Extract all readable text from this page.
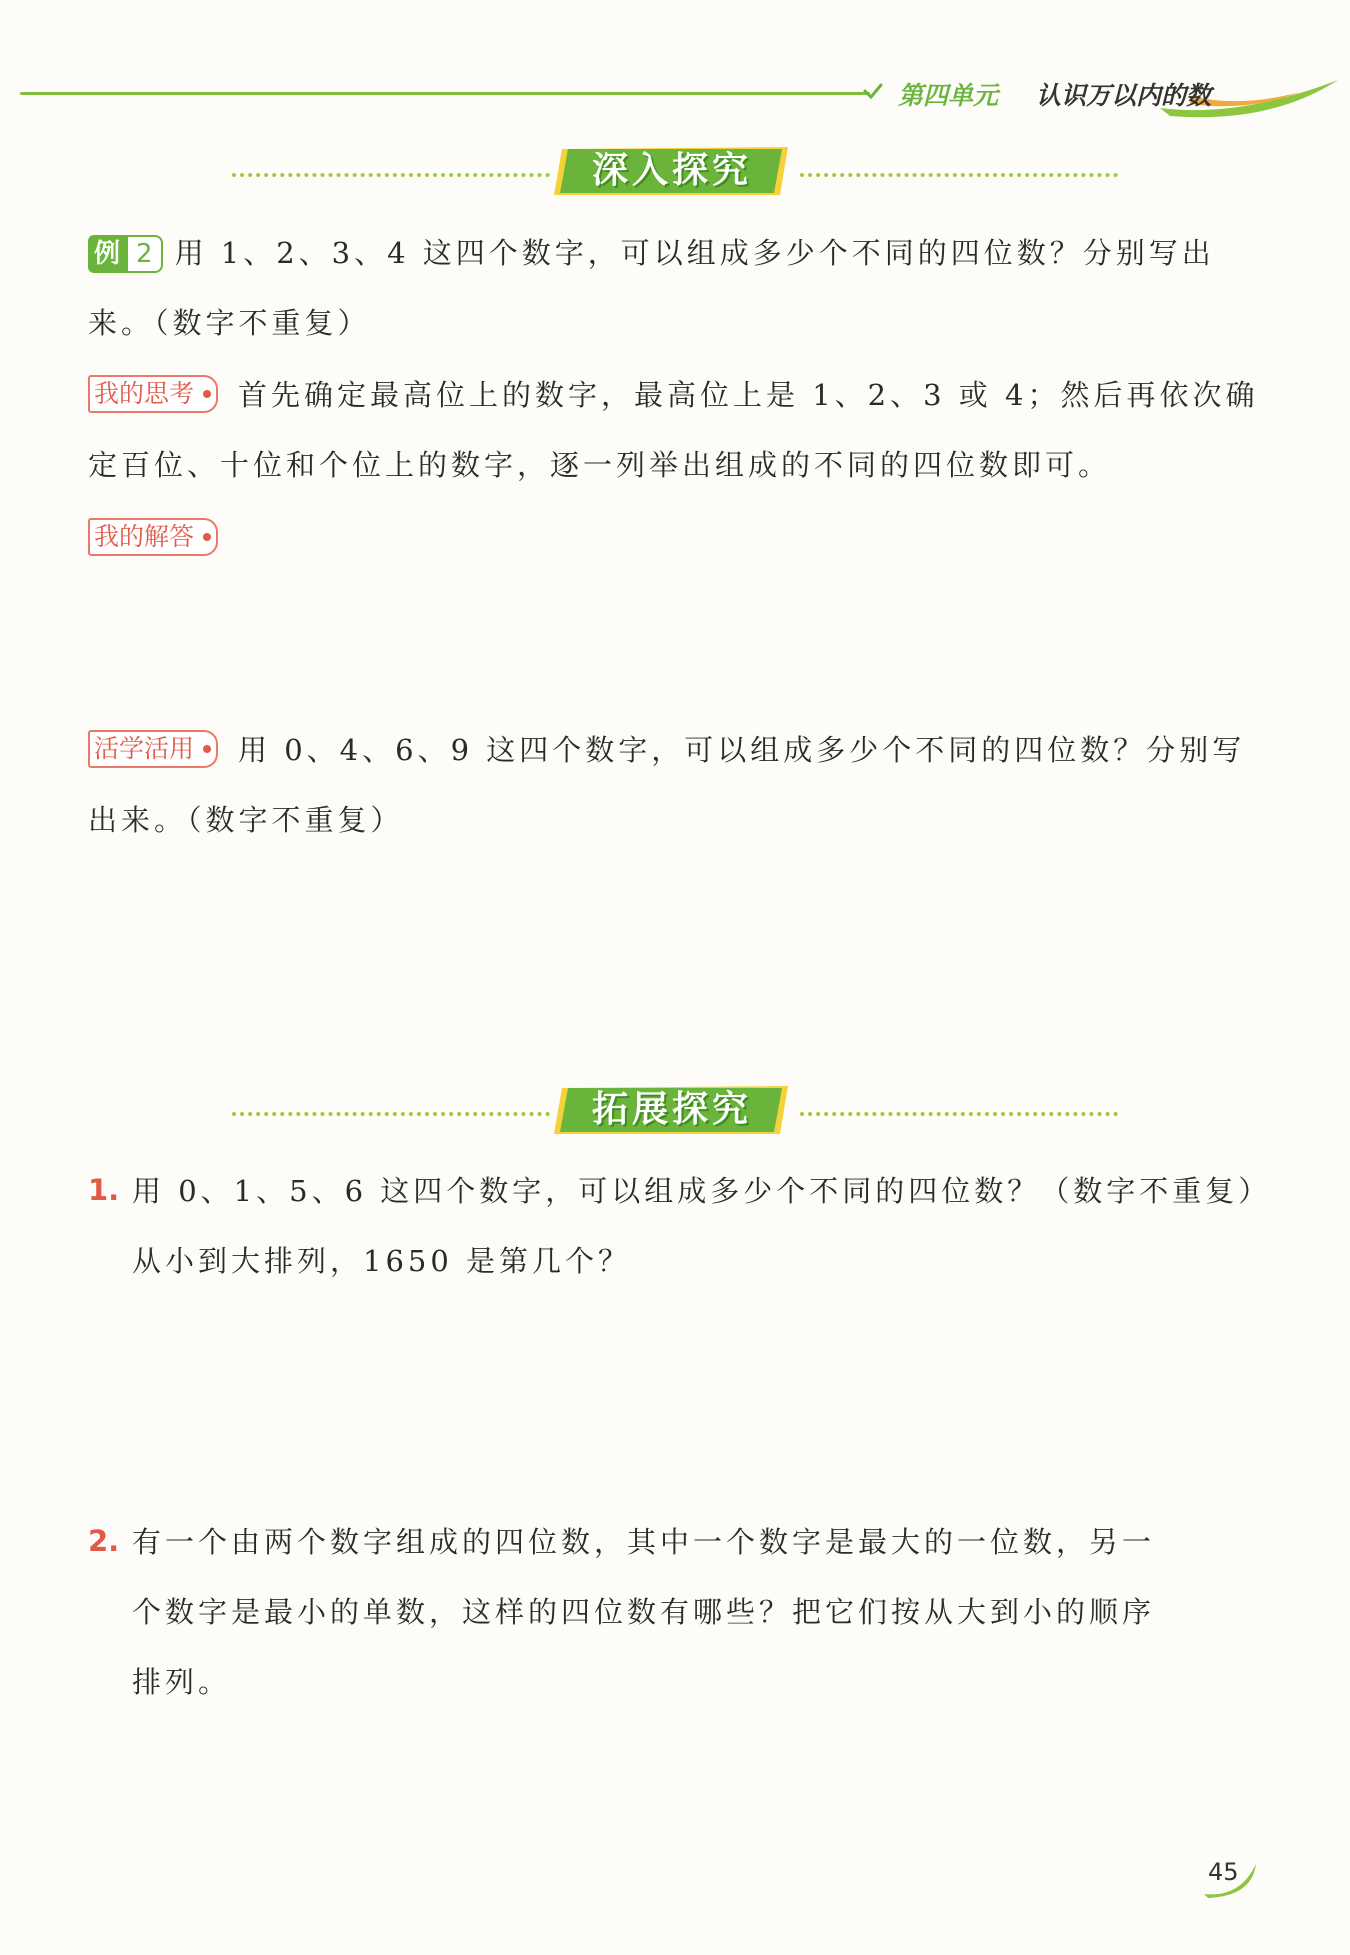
第四单元 认识万以内的数
深入探究
例 2 用 1、2、3、4 这四个数字，可以组成多少个不同的四位数？分别写出
来。（数字不重复）
我的思考 首先确定最高位上的数字，最高位上是 1、2、3 或 4；然后再依次确
定百位、十位和个位上的数字，逐一列举出组成的不同的四位数即可。
我的解答
活学活用 用 0、4、6、9 这四个数字，可以组成多少个不同的四位数？分别写
出来。（数字不重复）
拓展探究
1. 用 0、1、5、6 这四个数字，可以组成多少个不同的四位数？（数字不重复）
从小到大排列，1650 是第几个？
2. 有一个由两个数字组成的四位数，其中一个数字是最大的一位数，另一
个数字是最小的单数，这样的四位数有哪些？把它们按从大到小的顺序
排列。
45
